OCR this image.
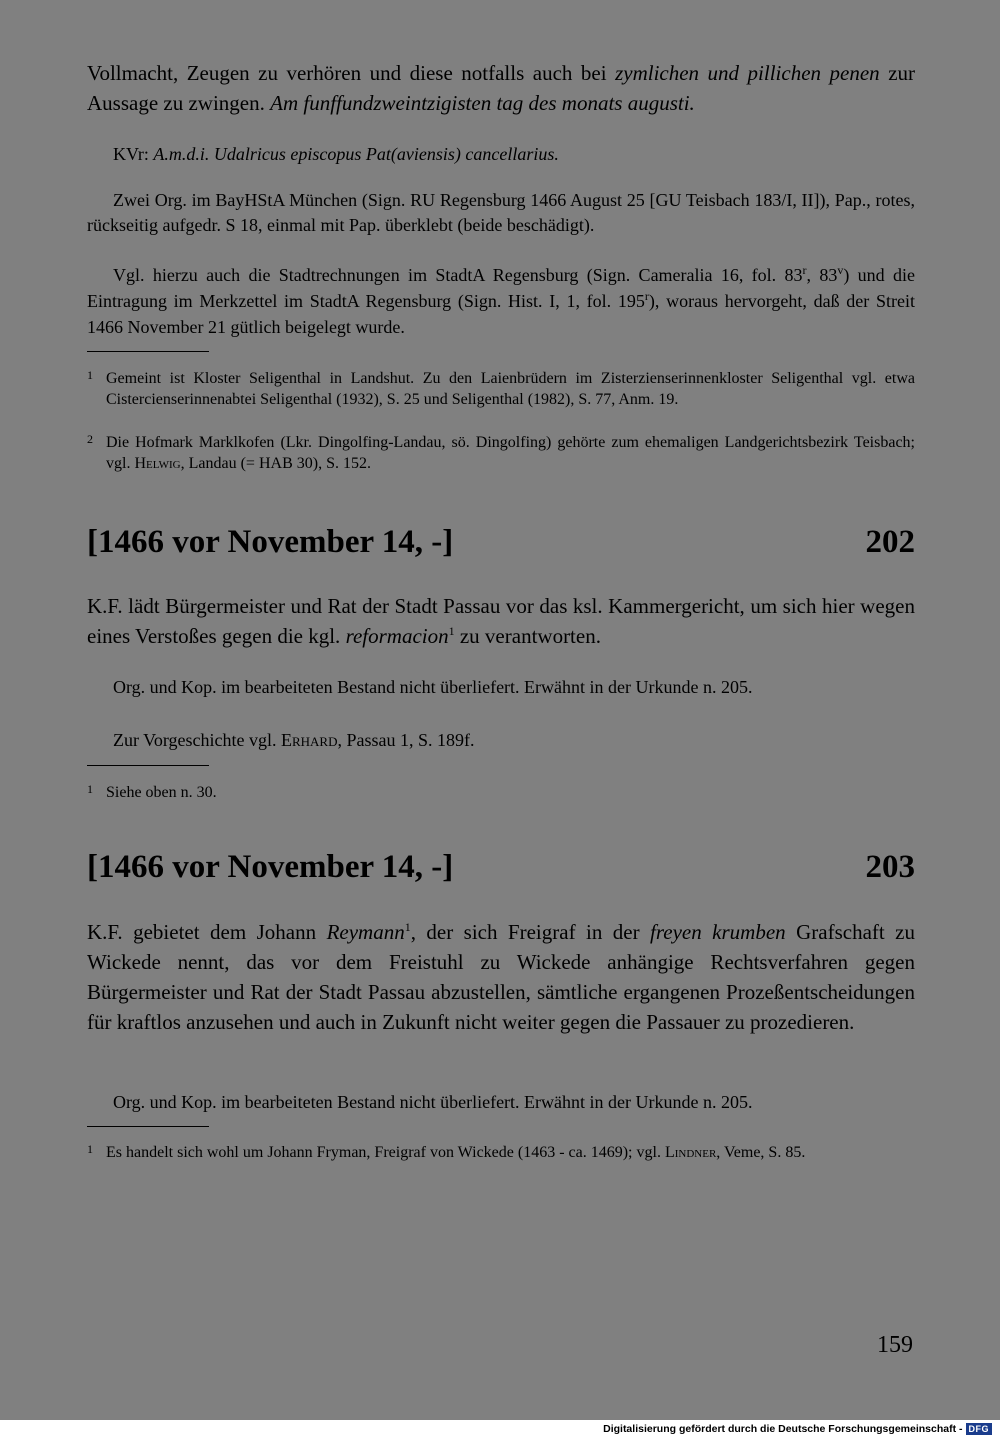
Vollmacht, Zeugen zu verhören und diese notfalls auch bei zymlichen und pillichen penen zur Aussage zu zwingen. Am funffundzweintzigisten tag des monats augusti.

KVr: A.m.d.i. Udalricus episcopus Pat(aviensis) cancellarius.

Zwei Org. im BayHStA München (Sign. RU Regensburg 1466 August 25 [GU Teisbach 183/I, II]), Pap., rotes, rückseitig aufgedr. S 18, einmal mit Pap. überklebt (beide beschädigt).

Vgl. hierzu auch die Stadtrechnungen im StadtA Regensburg (Sign. Cameralia 16, fol. 83$^r$, 83$^v$) und die Eintragung im Merkzettel im StadtA Regensburg (Sign. Hist. I, 1, fol. 195$^r$), woraus hervorgeht, daß der Streit 1466 November 21 gütlich beigelegt wurde.

1 Gemeint ist Kloster Seligenthal in Landshut. Zu den Laienbrüdern im Zisterzienserinnenkloster Seligenthal vgl. etwa Cistercienserinnenabtei Seligenthal (1932), S. 25 und Seligenthal (1982), S. 77, Anm. 19.
2 Die Hofmark Marklkofen (Lkr. Dingolfing-Landau, sö. Dingolfing) gehörte zum ehemaligen Landgerichtsbezirk Teisbach; vgl. Helwig, Landau (= HAB 30), S. 152.
[1466 vor November 14, -]	202

K.F. lädt Bürgermeister und Rat der Stadt Passau vor das ksl. Kammergericht, um sich hier wegen eines Verstoßes gegen die kgl. reformacion$^1$ zu verantworten.

Org. und Kop. im bearbeiteten Bestand nicht überliefert. Erwähnt in der Urkunde n. 205.

Zur Vorgeschichte vgl. Erhard, Passau 1, S. 189f.

1 Siehe oben n. 30.
[1466 vor November 14, -]	203

K.F. gebietet dem Johann Reymann$^1$, der sich Freigraf in der freyen krumben Grafschaft zu Wickede nennt, das vor dem Freistuhl zu Wickede anhängige Rechtsverfahren gegen Bürgermeister und Rat der Stadt Passau abzustellen, sämtliche ergangenen Prozeßentscheidungen für kraftlos anzusehen und auch in Zukunft nicht weiter gegen die Passauer zu prozedieren.

Org. und Kop. im bearbeiteten Bestand nicht überliefert. Erwähnt in der Urkunde n. 205.

1 Es handelt sich wohl um Johann Fryman, Freigraf von Wickede (1463 - ca. 1469); vgl. Lindner, Veme, S. 85.
159
Digitalisierung gefördert durch die Deutsche Forschungsgemeinschaft - DFG
